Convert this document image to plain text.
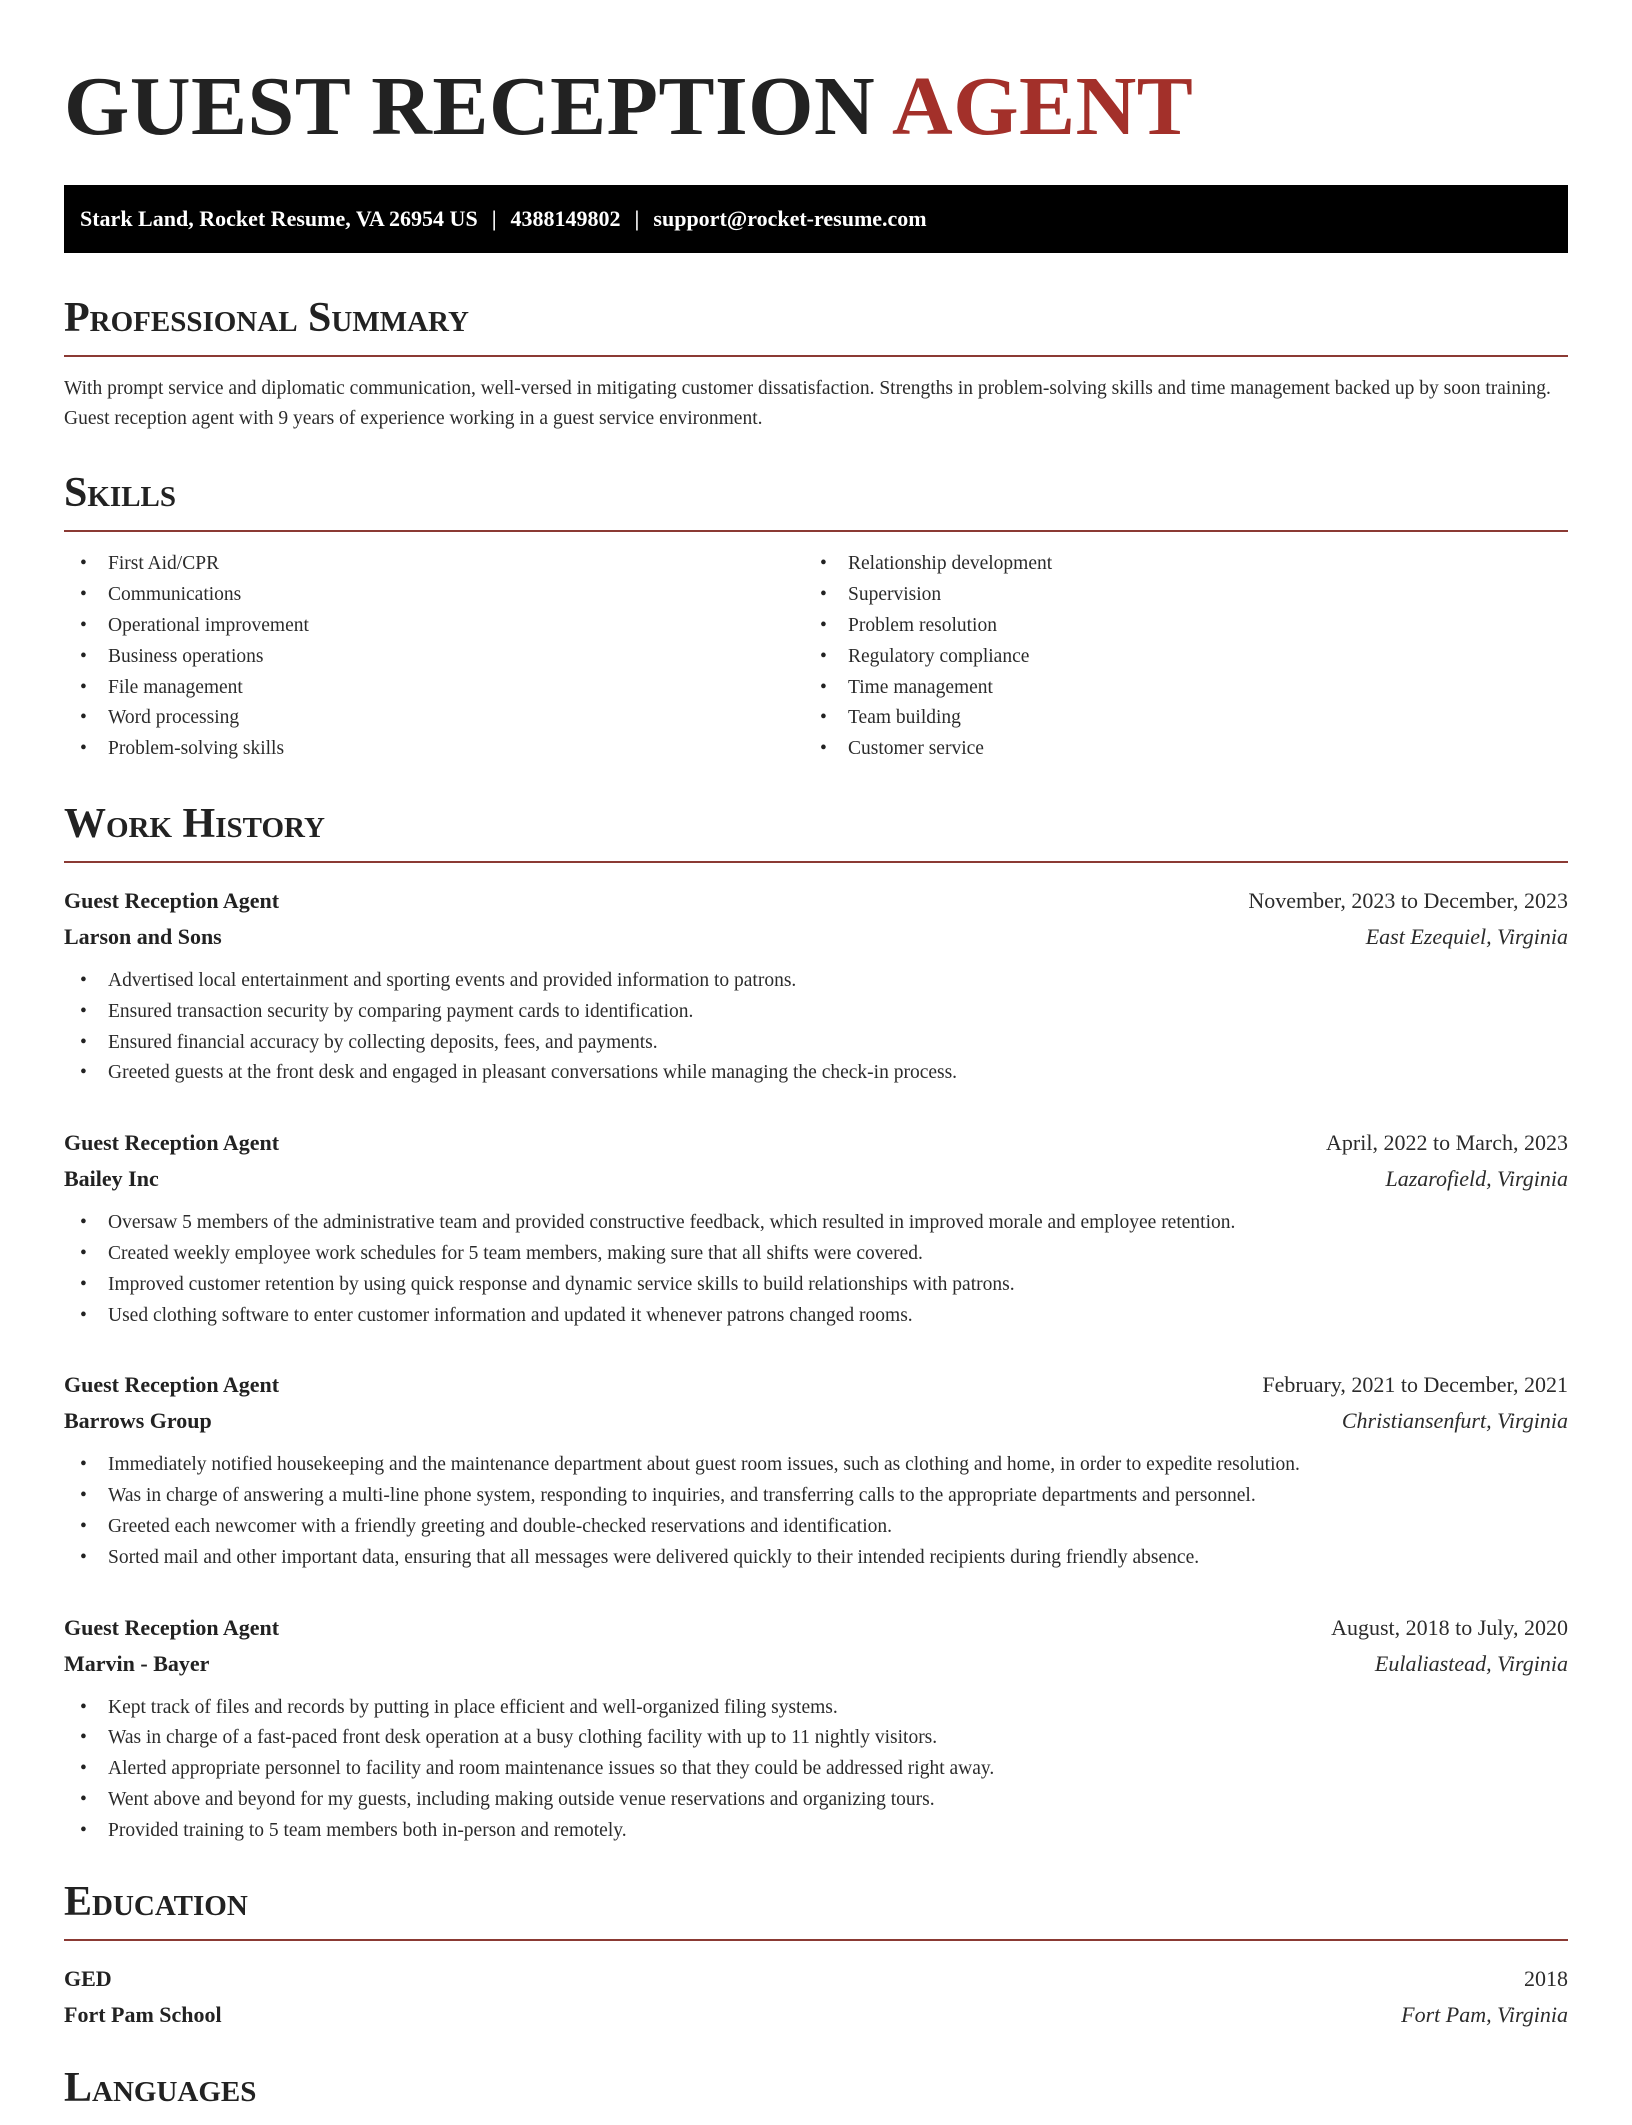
GUEST RECEPTION AGENT
Stark Land, Rocket Resume, VA 26954 US | 4388149802 | support@rocket-resume.com
Professional Summary
With prompt service and diplomatic communication, well-versed in mitigating customer dissatisfaction. Strengths in problem-solving skills and time management backed up by soon training. Guest reception agent with 9 years of experience working in a guest service environment.
Skills
• First Aid/CPR
• Communications
• Operational improvement
• Business operations
• File management
• Word processing
• Problem-solving skills
• Relationship development
• Supervision
• Problem resolution
• Regulatory compliance
• Time management
• Team building
• Customer service
Work History
Guest Reception Agent	November, 2023 to December, 2023
Larson and Sons	East Ezequiel, Virginia
• Advertised local entertainment and sporting events and provided information to patrons.
• Ensured transaction security by comparing payment cards to identification.
• Ensured financial accuracy by collecting deposits, fees, and payments.
• Greeted guests at the front desk and engaged in pleasant conversations while managing the check-in process.
Guest Reception Agent	April, 2022 to March, 2023
Bailey Inc	Lazarofield, Virginia
• Oversaw 5 members of the administrative team and provided constructive feedback, which resulted in improved morale and employee retention.
• Created weekly employee work schedules for 5 team members, making sure that all shifts were covered.
• Improved customer retention by using quick response and dynamic service skills to build relationships with patrons.
• Used clothing software to enter customer information and updated it whenever patrons changed rooms.
Guest Reception Agent	February, 2021 to December, 2021
Barrows Group	Christiansenfurt, Virginia
• Immediately notified housekeeping and the maintenance department about guest room issues, such as clothing and home, in order to expedite resolution.
• Was in charge of answering a multi-line phone system, responding to inquiries, and transferring calls to the appropriate departments and personnel.
• Greeted each newcomer with a friendly greeting and double-checked reservations and identification.
• Sorted mail and other important data, ensuring that all messages were delivered quickly to their intended recipients during friendly absence.
Guest Reception Agent	August, 2018 to July, 2020
Marvin - Bayer	Eulaliastead, Virginia
• Kept track of files and records by putting in place efficient and well-organized filing systems.
• Was in charge of a fast-paced front desk operation at a busy clothing facility with up to 11 nightly visitors.
• Alerted appropriate personnel to facility and room maintenance issues so that they could be addressed right away.
• Went above and beyond for my guests, including making outside venue reservations and organizing tours.
• Provided training to 5 team members both in-person and remotely.
Education
GED	2018
Fort Pam School	Fort Pam, Virginia
Languages
